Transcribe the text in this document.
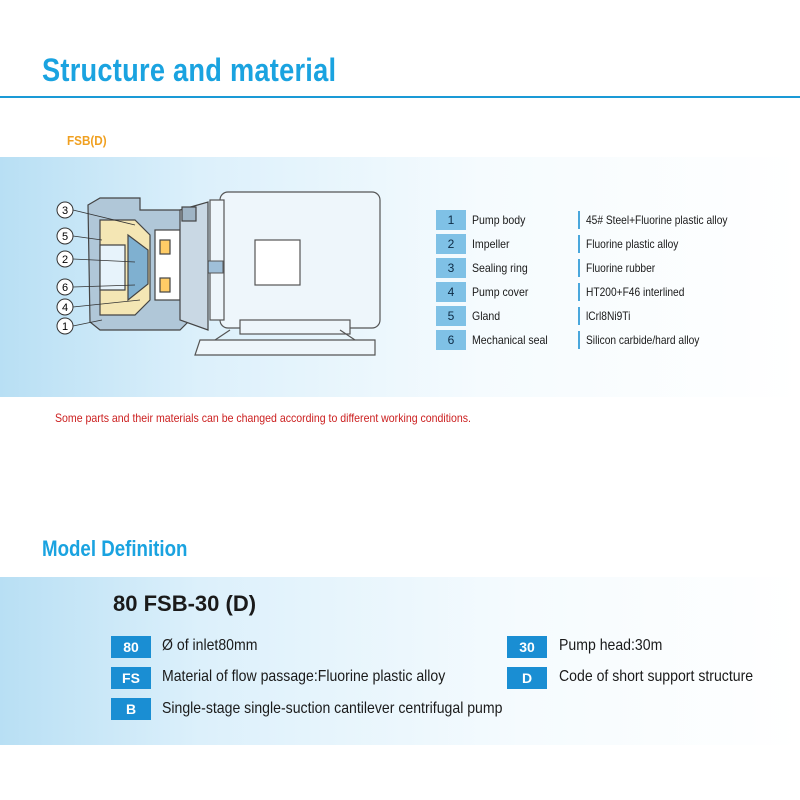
Structure and material
FSB(D)
3
5
2
6
4
1
1	Pump body	45# Steel+Fluorine plastic alloy
2	Impeller	Fluorine plastic alloy
3	Sealing ring	Fluorine rubber
4	Pump cover	HT200+F46 interlined
5	Gland	lCrl8Ni9Ti
6	Mechanical seal	Silicon carbide/hard alloy
Some parts and their materials can be changed according to different working conditions.
Model Definition
80 FSB-30 (D)
80	Ø of inlet80mm
FS	Material of flow passage:Fluorine plastic alloy
B	Single-stage single-suction cantilever centrifugal pump
30	Pump head:30m
D	Code of short support structure
